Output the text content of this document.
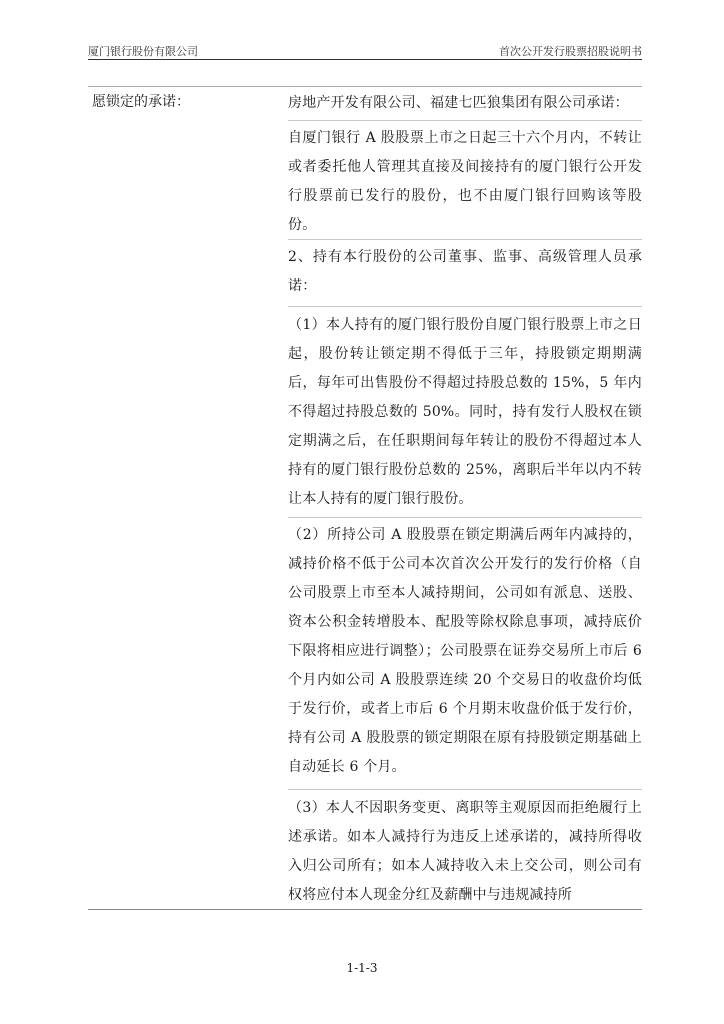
厦门银行股份有限公司	首次公开发行股票招股说明书
愿锁定的承诺：	房地产开发有限公司、福建七匹狼集团有限公司承诺：
自厦门银行 A 股股票上市之日起三十六个月内，不转让或者委托他人管理其直接及间接持有的厦门银行公开发行股票前已发行的股份，也不由厦门银行回购该等股份。
2、持有本行股份的公司董事、监事、高级管理人员承诺：
（1）本人持有的厦门银行股份自厦门银行股票上市之日起，股份转让锁定期不得低于三年，持股锁定期期满后，每年可出售股份不得超过持股总数的 15%，5 年内不得超过持股总数的 50%。同时，持有发行人股权在锁定期满之后，在任职期间每年转让的股份不得超过本人持有的厦门银行股份总数的 25%，离职后半年以内不转让本人持有的厦门银行股份。
（2）所持公司 A 股股票在锁定期满后两年内减持的，减持价格不低于公司本次首次公开发行的发行价格（自公司股票上市至本人减持期间，公司如有派息、送股、资本公积金转增股本、配股等除权除息事项，减持底价下限将相应进行调整）；公司股票在证券交易所上市后 6 个月内如公司 A 股股票连续 20 个交易日的收盘价均低于发行价，或者上市后 6 个月期末收盘价低于发行价，持有公司 A 股股票的锁定期限在原有持股锁定期基础上自动延长 6 个月。
（3）本人不因职务变更、离职等主观原因而拒绝履行上述承诺。如本人减持行为违反上述承诺的，减持所得收入归公司所有；如本人减持收入未上交公司，则公司有权将应付本人现金分红及薪酬中与违规减持所
1-1-3
